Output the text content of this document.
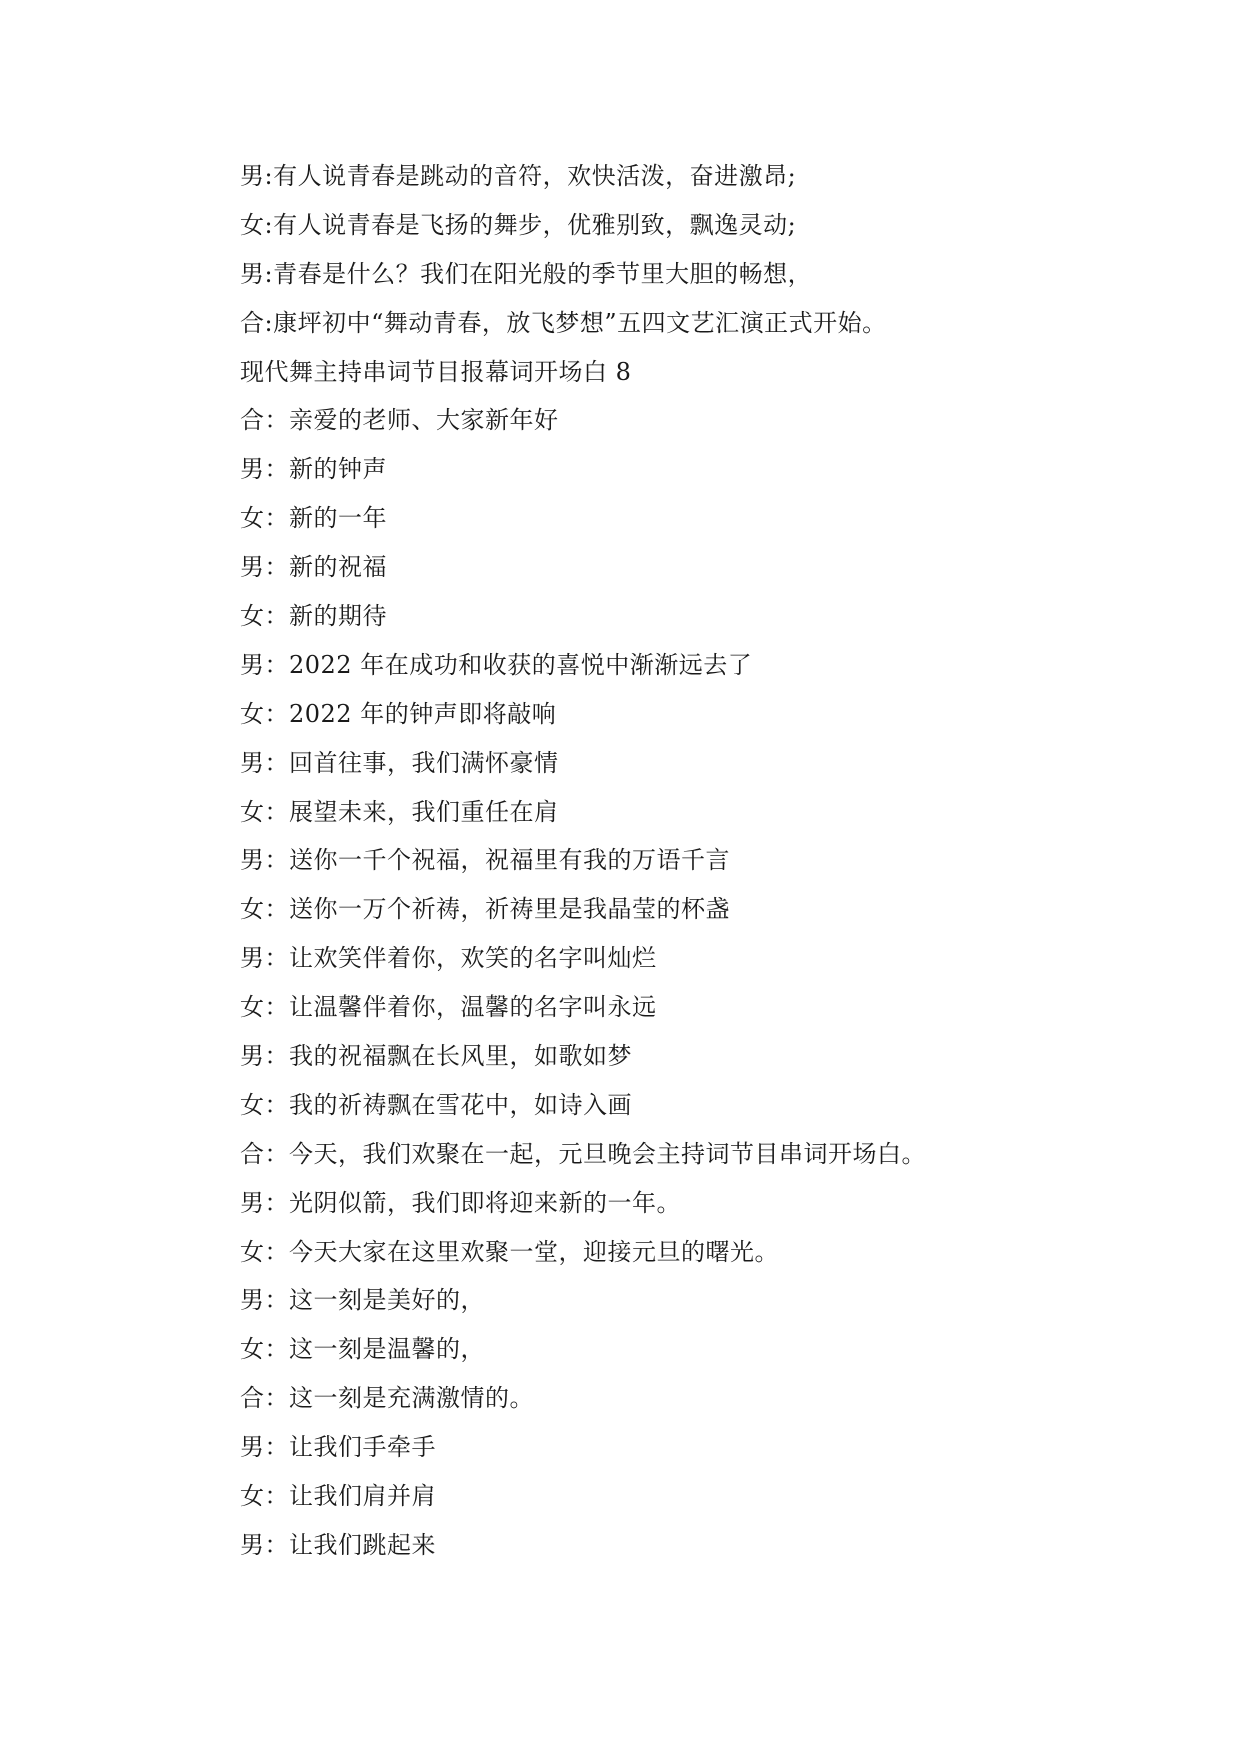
男:有人说青春是跳动的音符，欢快活泼，奋进激昂;
女:有人说青春是飞扬的舞步，优雅别致，飘逸灵动;
男:青春是什么？我们在阳光般的季节里大胆的畅想，
合:康坪初中“舞动青春，放飞梦想”五四文艺汇演正式开始。
现代舞主持串词节目报幕词开场白 8
合：亲爱的老师、大家新年好
男：新的钟声
女：新的一年
男：新的祝福
女：新的期待
男：2022 年在成功和收获的喜悦中渐渐远去了
女：2022 年的钟声即将敲响
男：回首往事，我们满怀豪情
女：展望未来，我们重任在肩
男：送你一千个祝福，祝福里有我的万语千言
女：送你一万个祈祷，祈祷里是我晶莹的杯盏
男：让欢笑伴着你，欢笑的名字叫灿烂
女：让温馨伴着你，温馨的名字叫永远
男：我的祝福飘在长风里，如歌如梦
女：我的祈祷飘在雪花中，如诗入画
合：今天，我们欢聚在一起，元旦晚会主持词节目串词开场白。
男：光阴似箭，我们即将迎来新的一年。
女：今天大家在这里欢聚一堂，迎接元旦的曙光。
男：这一刻是美好的，
女：这一刻是温馨的，
合：这一刻是充满激情的。
男：让我们手牵手
女：让我们肩并肩
男：让我们跳起来
